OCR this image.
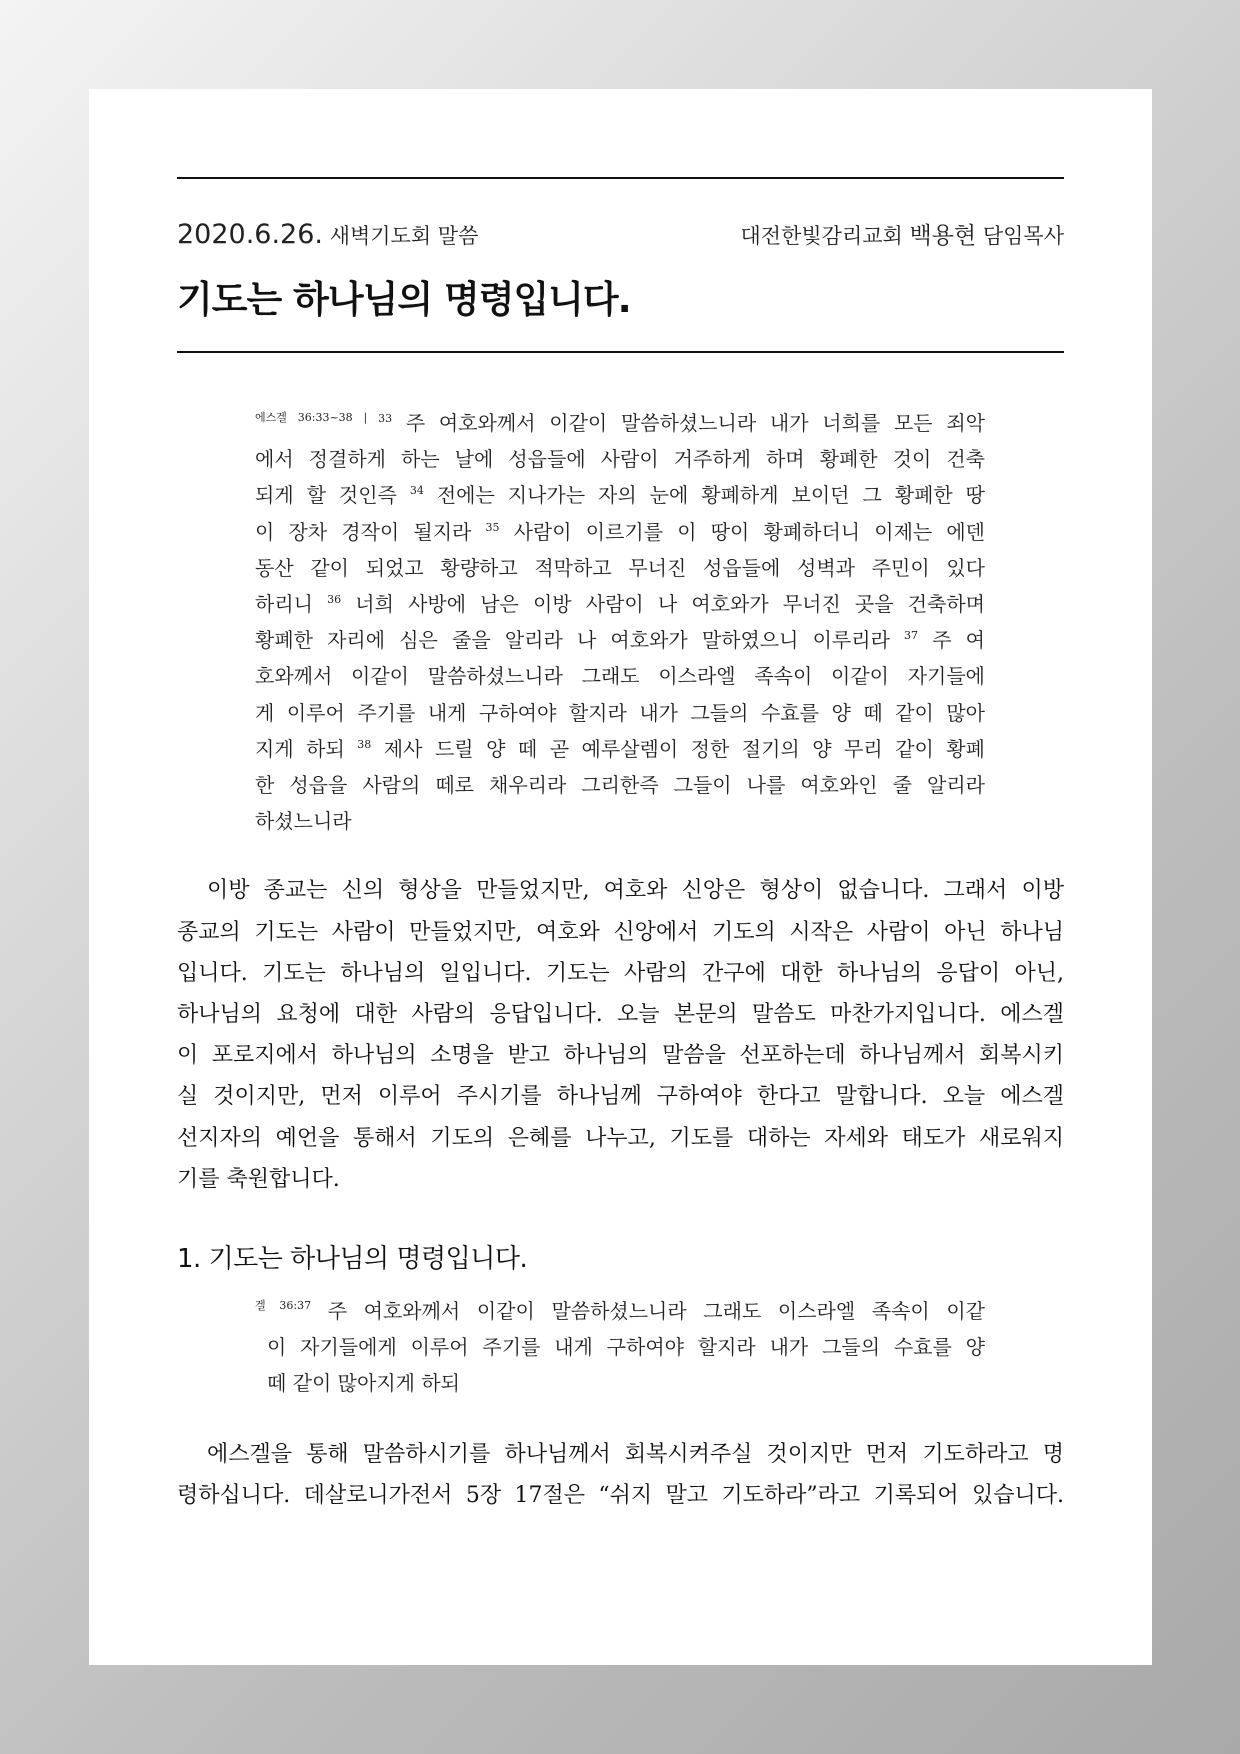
2020.6.26. 새벽기도회 말씀	대전한빛감리교회 백용현 담임목사
기도는 하나님의 명령입니다.
$^{에스겔 36:33\sim 38 |}$ $^{33}$ 주 여호와께서 이같이 말씀하셨느니라 내가 너희를 모든 죄악
에서 정결하게 하는 날에 성읍들에 사람이 거주하게 하며 황폐한 것이 건축
되게 할 것인즉 $^{34}$ 전에는 지나가는 자의 눈에 황폐하게 보이던 그 황폐한 땅
이 장차 경작이 될지라 $^{35}$ 사람이 이르기를 이 땅이 황폐하더니 이제는 에덴
동산 같이 되었고 황량하고 적막하고 무너진 성읍들에 성벽과 주민이 있다
하리니 $^{36}$ 너희 사방에 남은 이방 사람이 나 여호와가 무너진 곳을 건축하며
황폐한 자리에 심은 줄을 알리라 나 여호와가 말하였으니 이루리라 $^{37}$ 주 여
호와께서 이같이 말씀하셨느니라 그래도 이스라엘 족속이 이같이 자기들에
게 이루어 주기를 내게 구하여야 할지라 내가 그들의 수효를 양 떼 같이 많아
지게 하되 $^{38}$ 제사 드릴 양 떼 곧 예루살렘이 정한 절기의 양 무리 같이 황폐
한 성읍을 사람의 떼로 채우리라 그리한즉 그들이 나를 여호와인 줄 알리라
하셨느니라
이방 종교는 신의 형상을 만들었지만, 여호와 신앙은 형상이 없습니다. 그래서 이방
종교의 기도는 사람이 만들었지만, 여호와 신앙에서 기도의 시작은 사람이 아닌 하나님
입니다. 기도는 하나님의 일입니다. 기도는 사람의 간구에 대한 하나님의 응답이 아닌,
하나님의 요청에 대한 사람의 응답입니다. 오늘 본문의 말씀도 마찬가지입니다. 에스겔
이 포로지에서 하나님의 소명을 받고 하나님의 말씀을 선포하는데 하나님께서 회복시키
실 것이지만, 먼저 이루어 주시기를 하나님께 구하여야 한다고 말합니다. 오늘 에스겔
선지자의 예언을 통해서 기도의 은혜를 나누고, 기도를 대하는 자세와 태도가 새로워지
기를 축원합니다.
1. 기도는 하나님의 명령입니다.
$^{겔 36:37}$ 주 여호와께서 이같이 말씀하셨느니라 그래도 이스라엘 족속이 이같
이 자기들에게 이루어 주기를 내게 구하여야 할지라 내가 그들의 수효를 양
떼 같이 많아지게 하되
에스겔을 통해 말씀하시기를 하나님께서 회복시켜주실 것이지만 먼저 기도하라고 명
령하십니다. 데살로니가전서 5장 17절은 “쉬지 말고 기도하라”라고 기록되어 있습니다.
